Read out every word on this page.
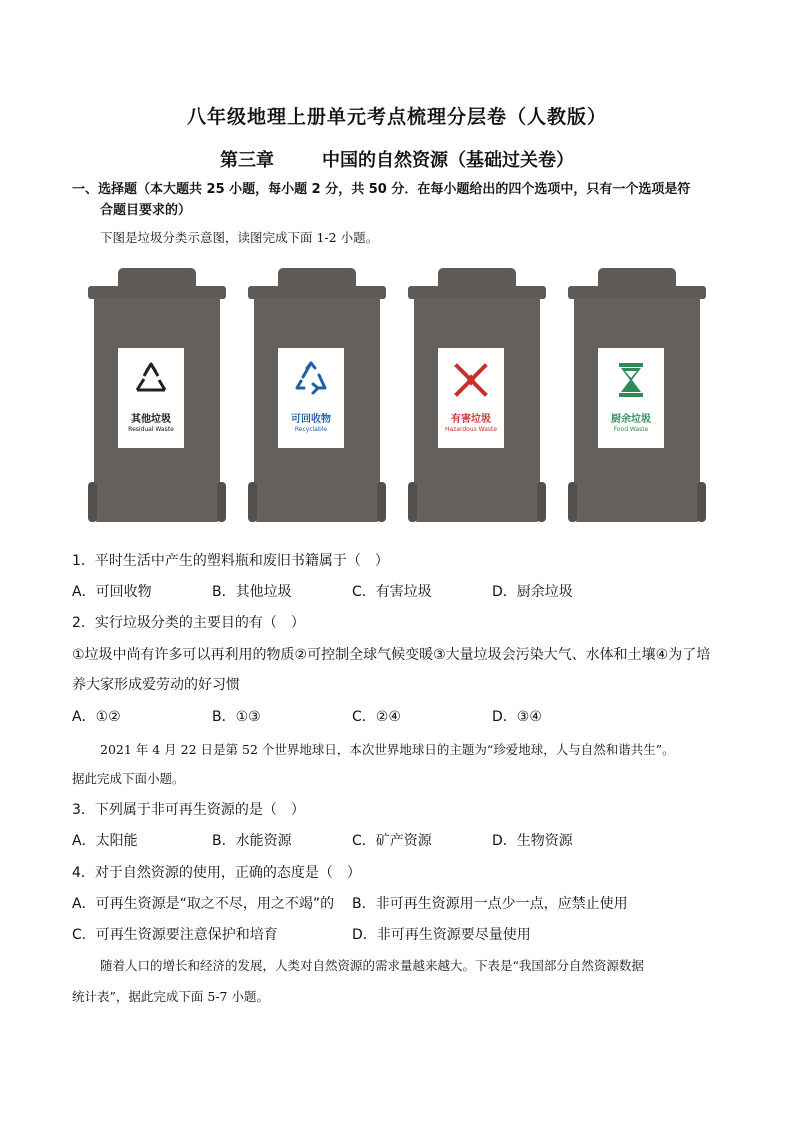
八年级地理上册单元考点梳理分层卷（人教版）
第三章	中国的自然资源（基础过关卷）
一、选择题（本大题共 25 小题，每小题 2 分，共 50 分．在每小题给出的四个选项中，只有一个选项是符
合题目要求的）
下图是垃圾分类示意图，读图完成下面 1-2 小题。
其他垃圾
Residual Waste
可回收物
Recyclable
有害垃圾
Hazardous Waste
厨余垃圾
Food Waste
1．平时生活中产生的塑料瓶和废旧书籍属于（　）
A．可回收物	B．其他垃圾	C．有害垃圾	D．厨余垃圾
2．实行垃圾分类的主要目的有（　）
①垃圾中尚有许多可以再利用的物质②可控制全球气候变暖③大量垃圾会污染大气、水体和土壤④为了培
养大家形成爱劳动的好习惯
A．①②	B．①③	C．②④	D．③④
2021 年 4 月 22 日是第 52 个世界地球日，本次世界地球日的主题为“珍爱地球，人与自然和谐共生”。
据此完成下面小题。
3．下列属于非可再生资源的是（　）
A．太阳能	B．水能资源	C．矿产资源	D．生物资源
4．对于自然资源的使用，正确的态度是（　）
A．可再生资源是“取之不尽，用之不竭”的 B．非可再生资源用一点少一点，应禁止使用
C．可再生资源要注意保护和培育	D．非可再生资源要尽量使用
随着人口的增长和经济的发展，人类对自然资源的需求量越来越大。下表是“我国部分自然资源数据
统计表”，据此完成下面 5-7 小题。
